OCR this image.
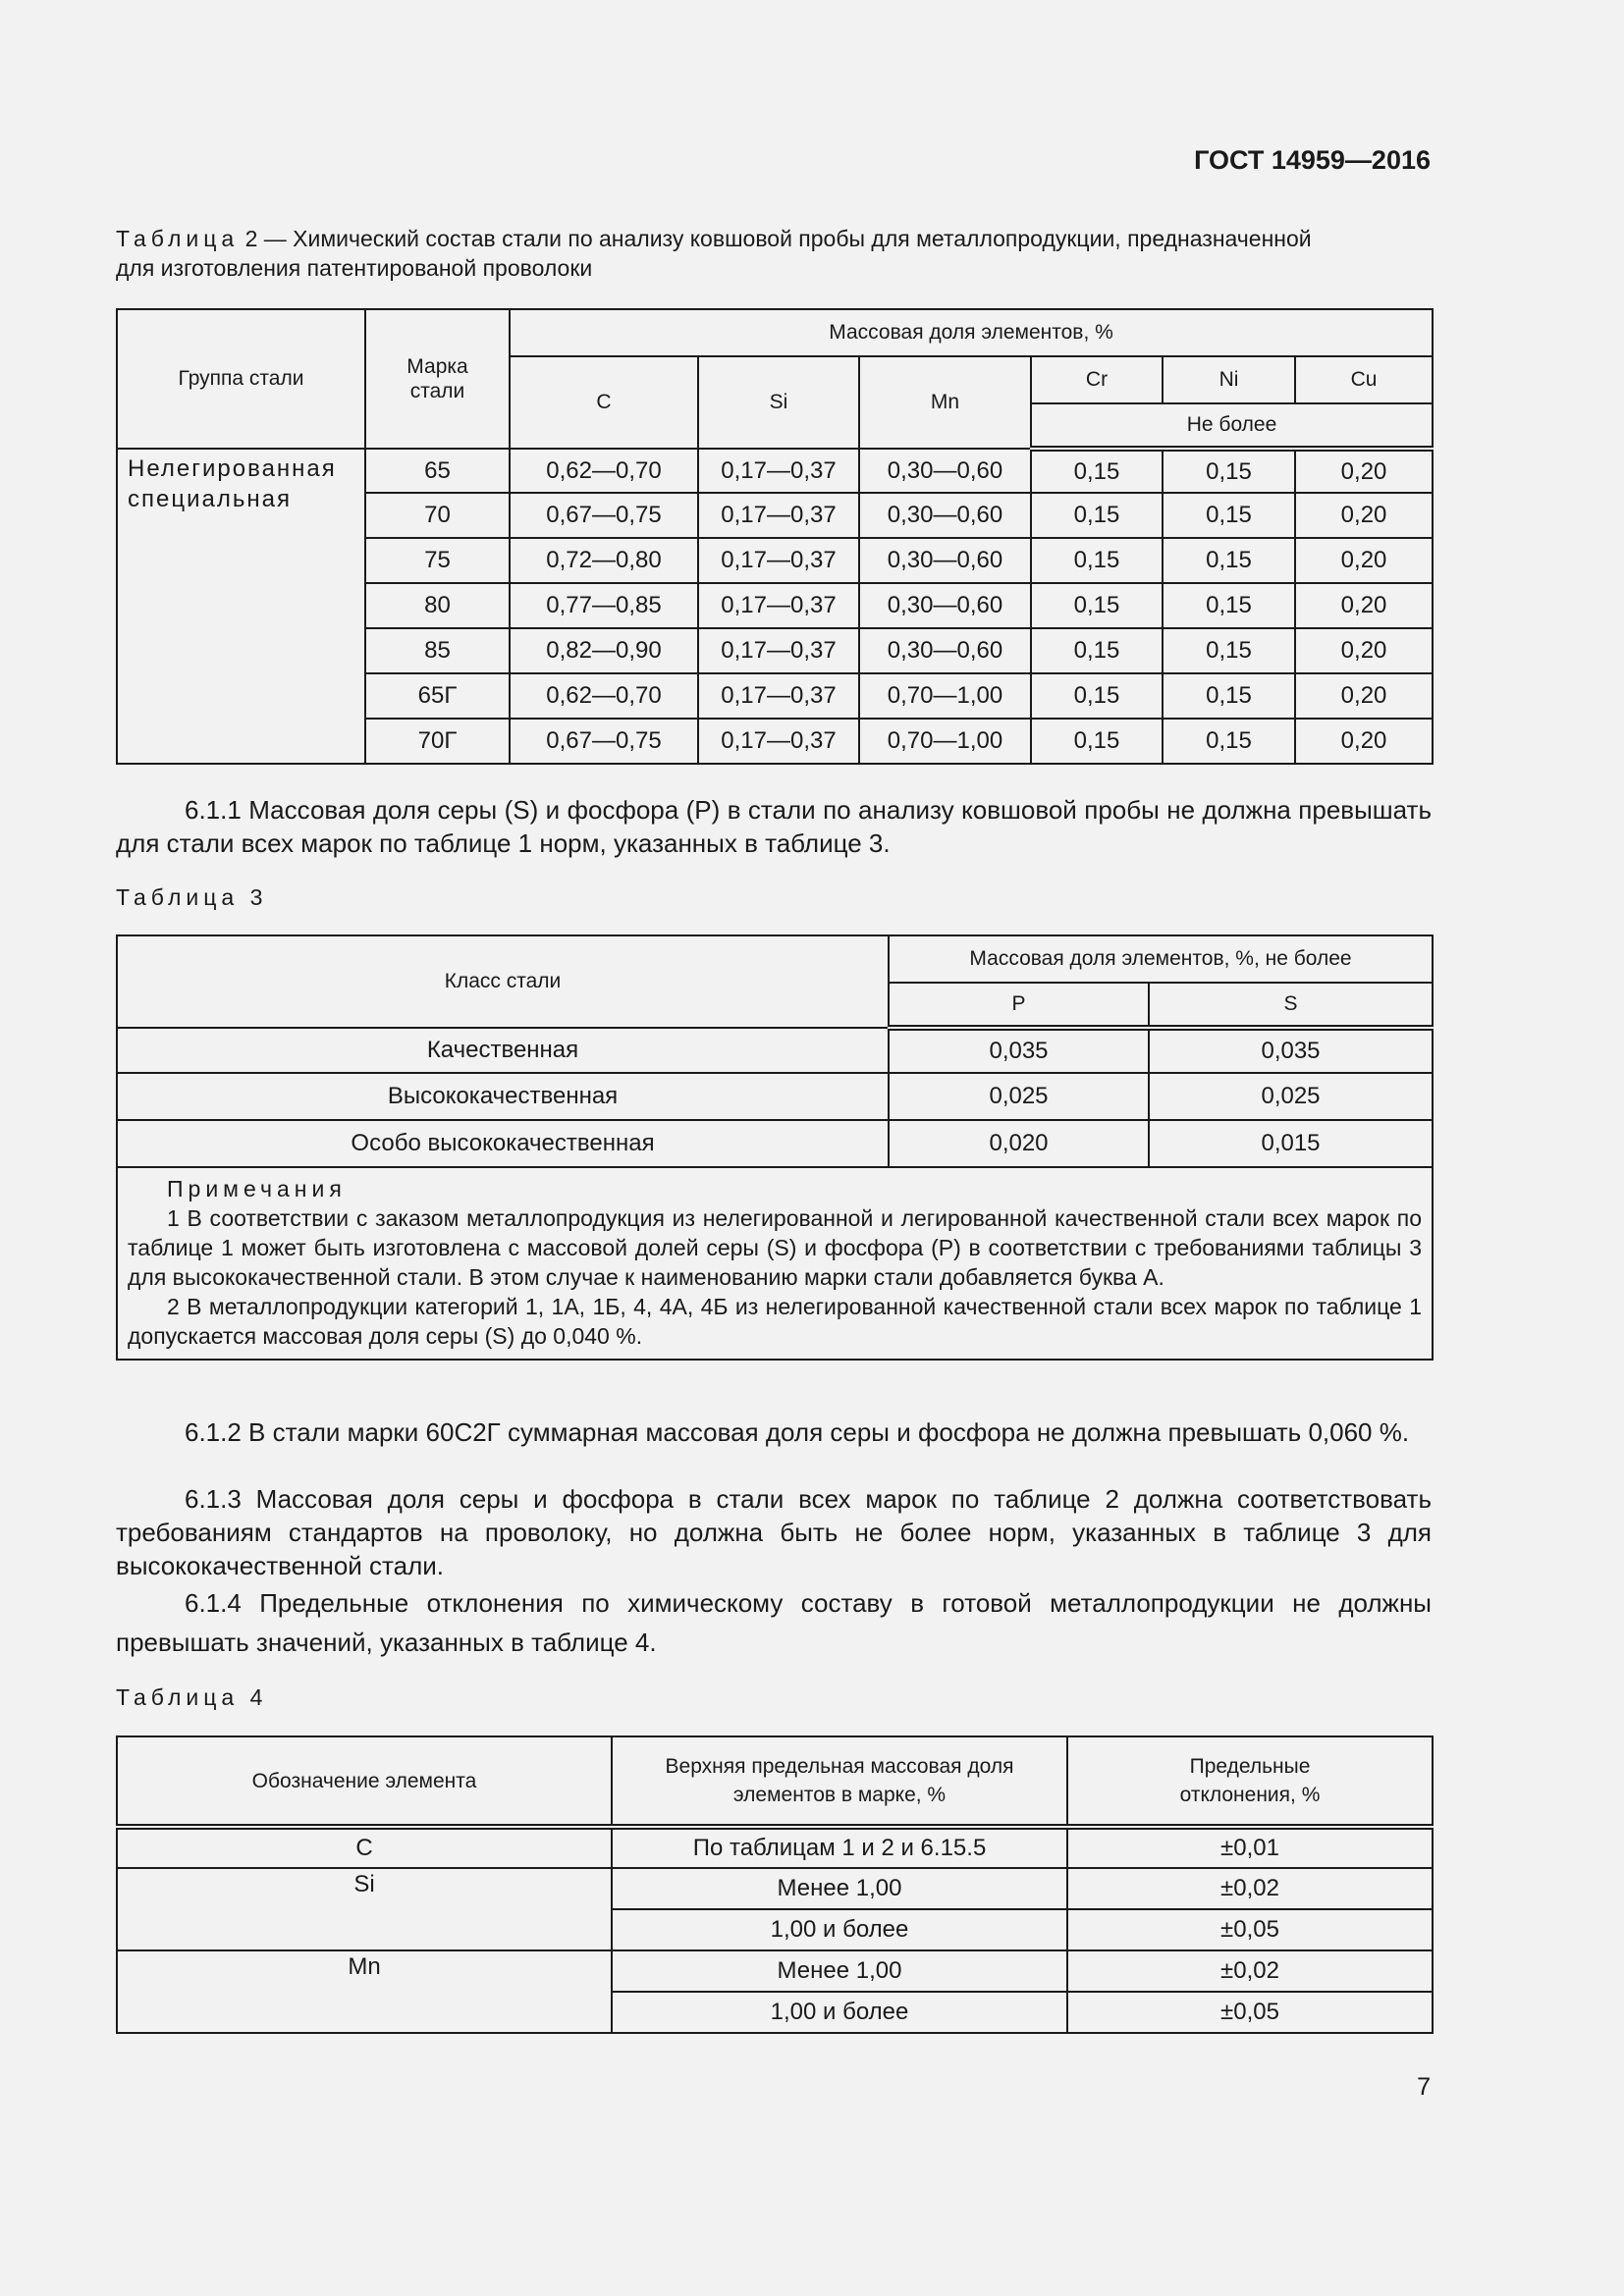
ГОСТ 14959—2016
Таблица 2 — Химический состав стали по анализу ковшовой пробы для металлопродукции, предназначенной
для изготовления патентированой проволоки
Группа стали	Марка стали	Массовая доля элементов, %					
		C	Si	Mn	Cr	Ni	Cu
					Не более		
Нелегированная специальная	65	0,62—0,70	0,17—0,37	0,30—0,60	0,15	0,15	0,20
	70	0,67—0,75	0,17—0,37	0,30—0,60	0,15	0,15	0,20
	75	0,72—0,80	0,17—0,37	0,30—0,60	0,15	0,15	0,20
	80	0,77—0,85	0,17—0,37	0,30—0,60	0,15	0,15	0,20
	85	0,82—0,90	0,17—0,37	0,30—0,60	0,15	0,15	0,20
	65Г	0,62—0,70	0,17—0,37	0,70—1,00	0,15	0,15	0,20
	70Г	0,67—0,75	0,17—0,37	0,70—1,00	0,15	0,15	0,20
6.1.1 Массовая доля серы (S) и фосфора (P) в стали по анализу ковшовой пробы не должна превышать для стали всех марок по таблице 1 норм, указанных в таблице 3.
Таблица 3
Класс стали	Массовая доля элементов, %, не более	
	P	S
Качественная	0,035	0,035
Высококачественная	0,025	0,025
Особо высококачественная	0,020	0,015

Примечания

1 В соответствии с заказом металлопродукция из нелегированной и легированной качественной стали всех марок по таблице 1 может быть изготовлена с массовой долей серы (S) и фосфора (P) в соответствии с требованиями таблицы 3 для высококачественной стали. В этом случае к наименованию марки стали добавляется буква А.

2 В металлопродукции категорий 1, 1А, 1Б, 4, 4А, 4Б из нелегированной качественной стали всех марок по таблице 1 допускается массовая доля серы (S) до 0,040 %.		

6.1.2 В стали марки 60С2Г суммарная массовая доля серы и фосфора не должна превышать 0,060 %.
6.1.3 Массовая доля серы и фосфора в стали всех марок по таблице 2 должна соответствовать требованиям стандартов на проволоку, но должна быть не более норм, указанных в таблице 3 для высококачественной стали.
6.1.4 Предельные отклонения по химическому составу в готовой металлопродукции не должны превышать значений, указанных в таблице 4.
Таблица 4
Обозначение элемента	Верхняя предельная массовая доля элементов в марке, %	Предельные отклонения, %
C	По таблицам 1 и 2 и 6.15.5	±0,01
Si	Менее 1,00	±0,02
	1,00 и более	±0,05
Mn	Менее 1,00	±0,02
	1,00 и более	±0,05
7
